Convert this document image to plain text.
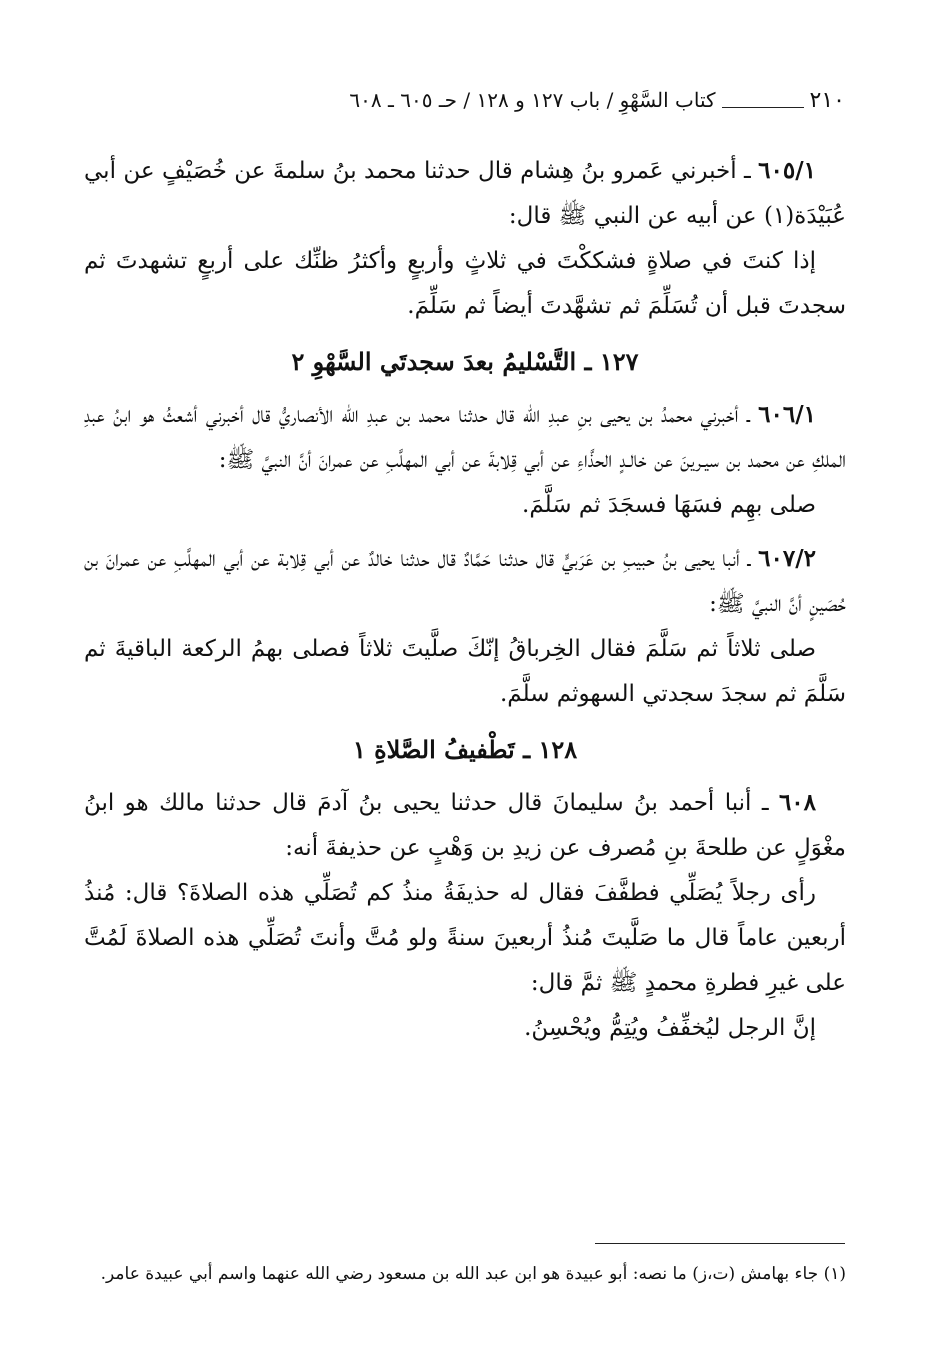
٢١٠
كتاب السَّهْوِ / باب ١٢٧ و ١٢٨ / حـ ٦٠٥ ـ ٦٠٨

٦٠٥/١ ـ أخبرني عَمرو بنُ هِشام قال حدثنا محمد بنُ سلمةَ عن خُصَيْفٍ عن أبي عُبَيْدَة(١) عن أبيه عن النبي ﷺ قال:

إذا كنتَ في صلاةٍ فشككْتَ في ثلاثٍ وأربعٍ وأكثرُ ظنِّك على أربعٍ تشهدتَ ثم سجدتَ قبل أن تُسَلِّمَ ثم تشهَّدتَ أيضاً ثم سَلِّمَ.

١٢٧ ـ التَّسْليمُ بعدَ سجدتَي السَّهْوِ ٢

٦٠٦/١ ـ أخبرني محمدُ بن يحيى بنِ عبدِ الله قال حدثنا محمد بن عبدِ الله الأنصاريُّ قال أخبرني أشعثُ هو ابنُ عبدِ الملكِ عن محمد بن سيـرينَ عن خالـدٍ الحذَّاءِ عن أبي قِلابةَ عن أبي المهلَّبِ عن عمرانَ أنَّ النبيَّ ﷺ:

صلى بهِم فسَهَا فسجَدَ ثم سَلَّمَ.

٦٠٧/٢ ـ أنبا يحيى بنُ حبيبِ بن عَرَبيٍّ قال حدثنا حَمَّادٌ قال حدثنا خالدٌ عن أبي قِلابة عن أبي المهلَّبِ عن عمرانَ بن حُصَينٍ أنَّ النبيَّ ﷺ:

صلى ثلاثاً ثم سَلَّمَ فقال الخِرباقُ إنّكَ صلَّيتَ ثلاثاً فصلى بهمُ الركعة الباقيةَ ثم سَلَّمَ ثم سجدَ سجدتي السهوثم سلَّمَ.

١٢٨ ـ تَطْفيفُ الصَّلاةِ ١

٦٠٨ ـ أنبا أحمد بنُ سليمانَ قال حدثنا يحيى بنُ آدمَ قال حدثنا مالك هو ابنُ مغْوَلٍ عن طلحةَ بنِ مُصرف عن زيدِ بن وَهْبٍ عن حذيفةَ أنه:

رأى رجلاً يُصَلِّي فطفَّفَ فقال له حذيفَةُ منذُ كم تُصَلِّي هذه الصلاةَ؟ قال: مُنذُ أربعين عاماً قال ما صَلَّيتَ مُنذُ أربعينَ سنةً ولو مُتَّ وأنتَ تُصَلِّي هذه الصلاةَ لَمُتَّ على غيرِ فطرةِ محمدٍ ﷺ ثمَّ قال:

إنَّ الرجل ليُخفِّفُ ويُتِمُّ ويُحْسِنُ.

(١) جاء بهامش (ت،ز) ما نصه: أبو عبيدة هو ابن عبد الله بن مسعود رضي الله عنهما واسم أبي عبيدة عامر.
